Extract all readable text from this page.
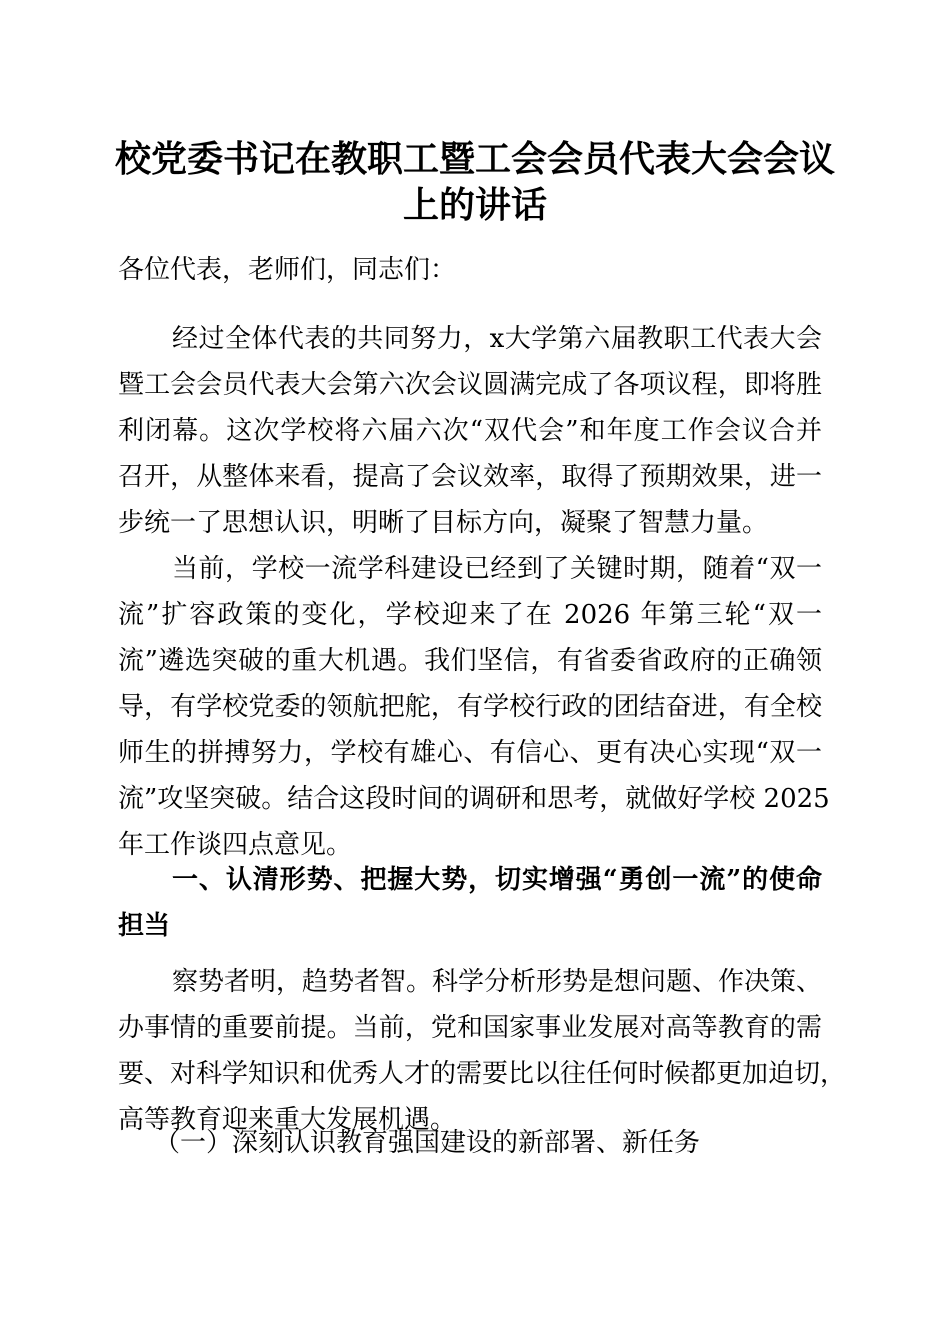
校党委书记在教职工暨工会会员代表大会会议
上的讲话
各位代表，老师们，同志们：
经过全体代表的共同努力，x大学第六届教职工代表大会
暨工会会员代表大会第六次会议圆满完成了各项议程，即将胜
利闭幕。这次学校将六届六次“双代会”和年度工作会议合并
召开，从整体来看，提高了会议效率，取得了预期效果，进一
步统一了思想认识，明晰了目标方向，凝聚了智慧力量。
当前，学校一流学科建设已经到了关键时期，随着“双一
流”扩容政策的变化，学校迎来了在 2026 年第三轮“双一
流”遴选突破的重大机遇。我们坚信，有省委省政府的正确领
导，有学校党委的领航把舵，有学校行政的团结奋进，有全校
师生的拼搏努力，学校有雄心、有信心、更有决心实现“双一
流”攻坚突破。结合这段时间的调研和思考，就做好学校 2025
年工作谈四点意见。
一、认清形势、把握大势，切实增强“勇创一流”的使命
担当
察势者明，趋势者智。科学分析形势是想问题、作决策、
办事情的重要前提。当前，党和国家事业发展对高等教育的需
要、对科学知识和优秀人才的需要比以往任何时候都更加迫切，
高等教育迎来重大发展机遇。
（一）深刻认识教育强国建设的新部署、新任务
